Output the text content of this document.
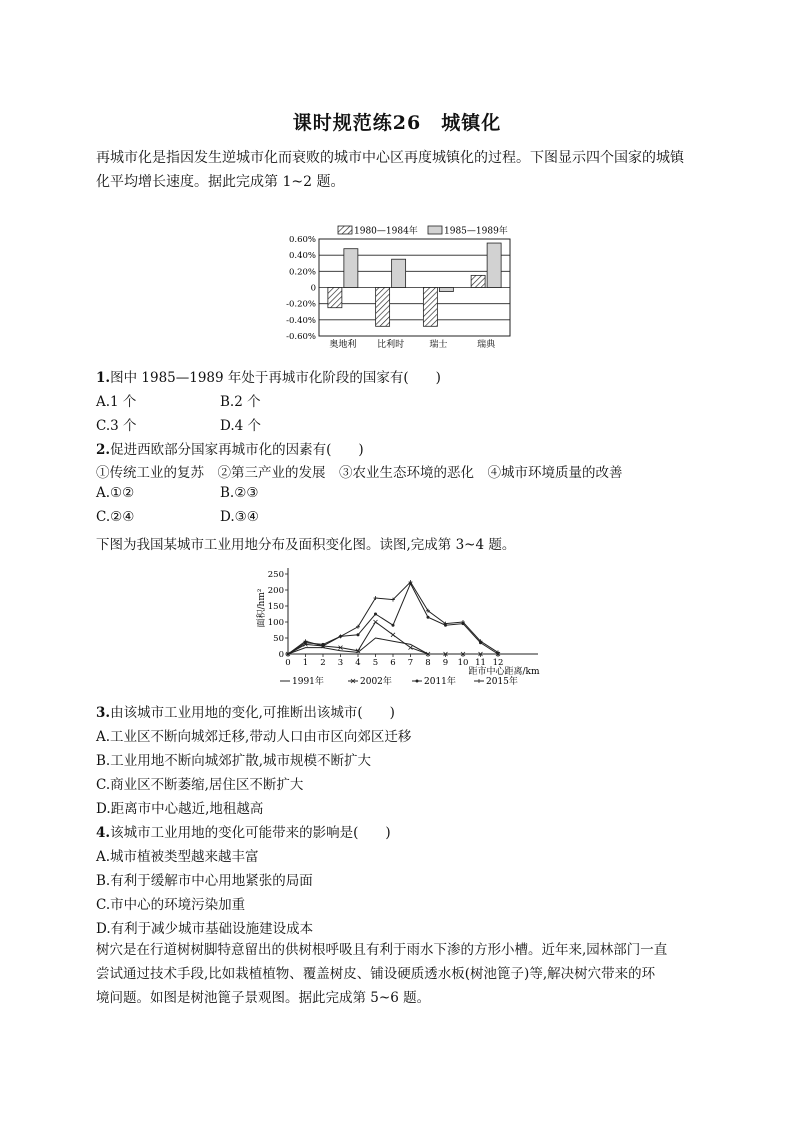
课时规范练26　城镇化
再城市化是指因发生逆城市化而衰败的城市中心区再度城镇化的过程。下图显示四个国家的城镇
化平均增长速度。据此完成第 1~2 题。
1980—1984年	1985—1989年
0.60%
0.40%
0.20%
0
-0.20%
-0.40%
-0.60%
奥地利 比利时	瑞士	瑞典
1.图中 1985—1989 年处于再城市化阶段的国家有(　　)
A.1 个	B.2 个
C.3 个	D.4 个
2.促进西欧部分国家再城市化的因素有(　　)
①传统工业的复苏　②第三产业的发展　③农业生态环境的恶化　④城市环境质量的改善
A.①②	B.②③
C.②④	D.③④
下图为我国某城市工业用地分布及面积变化图。读图,完成第 3~4 题。
面积/hm²
250
200
150
100
50
0
0 1 2 3 4 5 6 7 8 9 10 11 12
距市中心距离/km
1991年	2002年	2011年	2015年
3.由该城市工业用地的变化,可推断出该城市(　　)
A.工业区不断向城郊迁移,带动人口由市区向郊区迁移
B.工业用地不断向城郊扩散,城市规模不断扩大
C.商业区不断萎缩,居住区不断扩大
D.距离市中心越近,地租越高
4.该城市工业用地的变化可能带来的影响是(　　)
A.城市植被类型越来越丰富
B.有利于缓解市中心用地紧张的局面
C.市中心的环境污染加重
D.有利于减少城市基础设施建设成本
树穴是在行道树树脚特意留出的供树根呼吸且有利于雨水下渗的方形小槽。近年来,园林部门一直
尝试通过技术手段,比如栽植植物、覆盖树皮、铺设硬质透水板(树池篦子)等,解决树穴带来的环
境问题。如图是树池篦子景观图。据此完成第 5~6 题。
